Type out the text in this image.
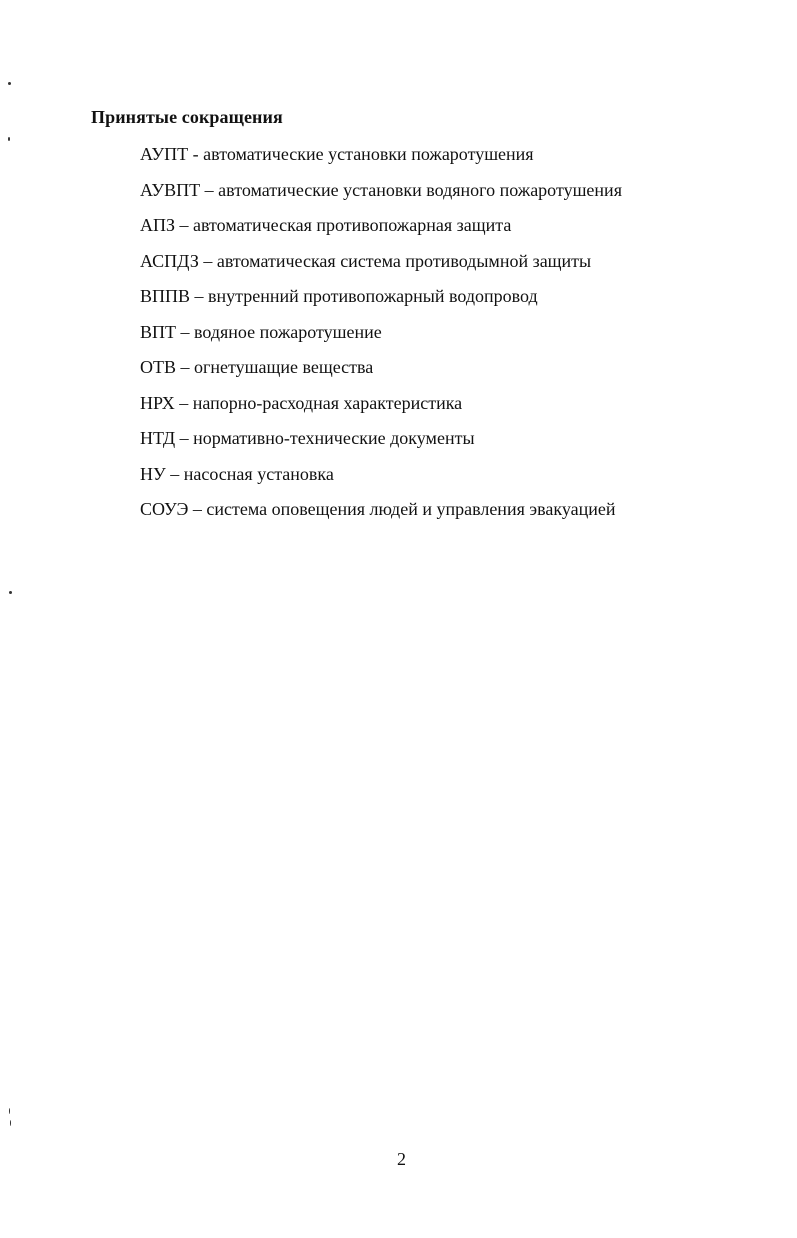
Принятые сокращения
АУПТ - автоматические установки пожаротушения
АУВПТ – автоматические установки водяного пожаротушения
АПЗ – автоматическая противопожарная защита
АСПДЗ – автоматическая система противодымной защиты
ВППВ – внутренний противопожарный водопровод
ВПТ – водяное пожаротушение
ОТВ – огнетушащие вещества
НРХ – напорно-расходная характеристика
НТД – нормативно-технические документы
НУ – насосная установка
СОУЭ – система оповещения людей и управления эвакуацией
2
